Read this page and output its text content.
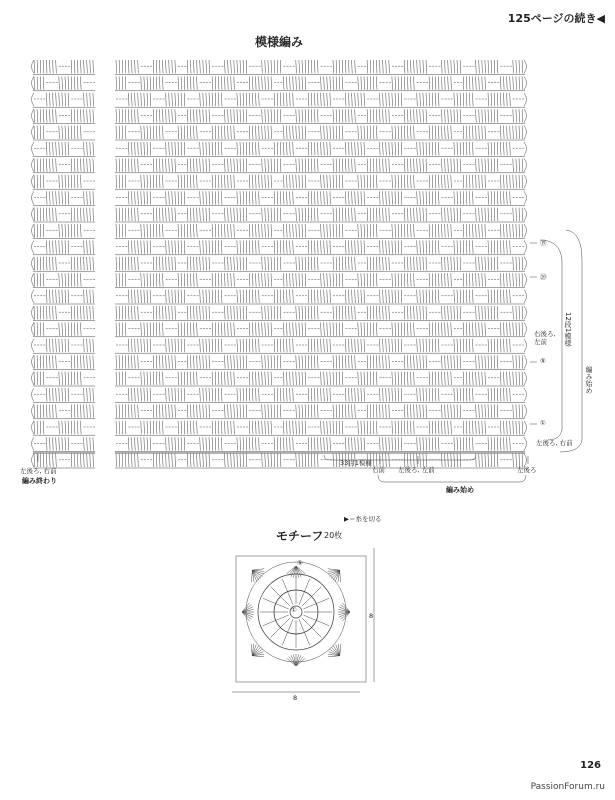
125ページの続き◀
模様編み
左後ろ, 右前
編み終わり
33目1模様
右前 左後ろ, 左前	左後ろ
編み始め
⑲
⑳
⑤
①
12段1模様
編み始め
右後ろ, 左前
左後ろ, 右前
▶＝糸を切る
モチーフ 20枚
⑤
①
8
8
126
PassionForum.ru
